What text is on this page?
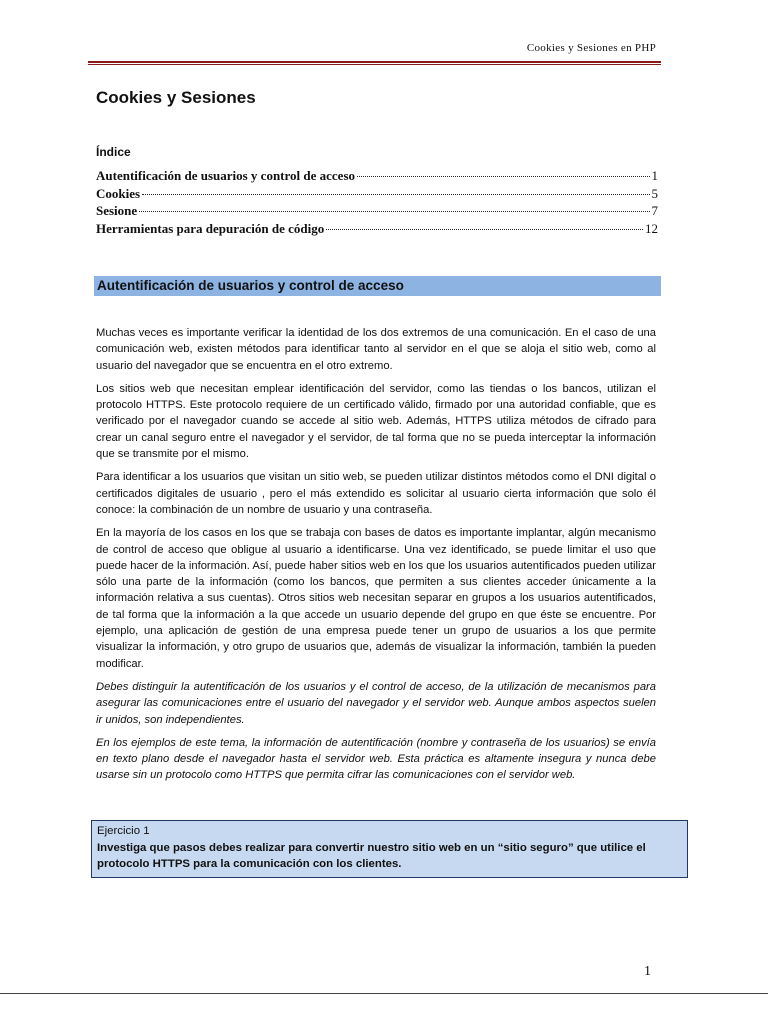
Cookies y Sesiones en PHP
Cookies y Sesiones
Índice
Autentificación de usuarios y control de acceso	1
Cookies	5
Sesione	7
Herramientas para depuración de código	12
Autentificación de usuarios y control de acceso

Muchas veces es importante verificar la identidad de los dos extremos de una comunicación. En el caso de una comunicación web, existen métodos para identificar tanto al servidor en el que se aloja el sitio web, como al usuario del navegador que se encuentra en el otro extremo.

Los sitios web que necesitan emplear identificación del servidor, como las tiendas o los bancos, utilizan el protocolo HTTPS. Este protocolo requiere de un certificado válido, firmado por una autoridad confiable, que es verificado por el navegador cuando se accede al sitio web. Además, HTTPS utiliza métodos de cifrado para crear un canal seguro entre el navegador y el servidor, de tal forma que no se pueda interceptar la información que se transmite por el mismo.

Para identificar a los usuarios que visitan un sitio web, se pueden utilizar distintos métodos como el DNI digital o certificados digitales de usuario , pero el más extendido es solicitar al usuario cierta información que solo él conoce: la combinación de un nombre de usuario y una contraseña.

En la mayoría de los casos en los que se trabaja con bases de datos es importante implantar, algún mecanismo de control de acceso que obligue al usuario a identificarse. Una vez identificado, se puede limitar el uso que puede hacer de la información. Así, puede haber sitios web en los que los usuarios autentificados pueden utilizar sólo una parte de la información (como los bancos, que permiten a sus clientes acceder únicamente a la información relativa a sus cuentas). Otros sitios web necesitan separar en grupos a los usuarios autentificados, de tal forma que la información a la que accede un usuario depende del grupo en que éste se encuentre. Por ejemplo, una aplicación de gestión de una empresa puede tener un grupo de usuarios a los que permite visualizar la información, y otro grupo de usuarios que, además de visualizar la información, también la pueden modificar.

Debes distinguir la autentificación de los usuarios y el control de acceso, de la utilización de mecanismos para asegurar las comunicaciones entre el usuario del navegador y el servidor web. Aunque ambos aspectos suelen ir unidos, son independientes.

En los ejemplos de este tema, la información de autentificación (nombre y contraseña de los usuarios) se envía en texto plano desde el navegador hasta el servidor web. Esta práctica es altamente insegura y nunca debe usarse sin un protocolo como HTTPS que permita cifrar las comunicaciones con el servidor web.

Ejercicio 1
Investiga que pasos debes realizar para convertir nuestro sitio web en un “sitio seguro” que utilice el protocolo HTTPS para la comunicación con los clientes.
1
